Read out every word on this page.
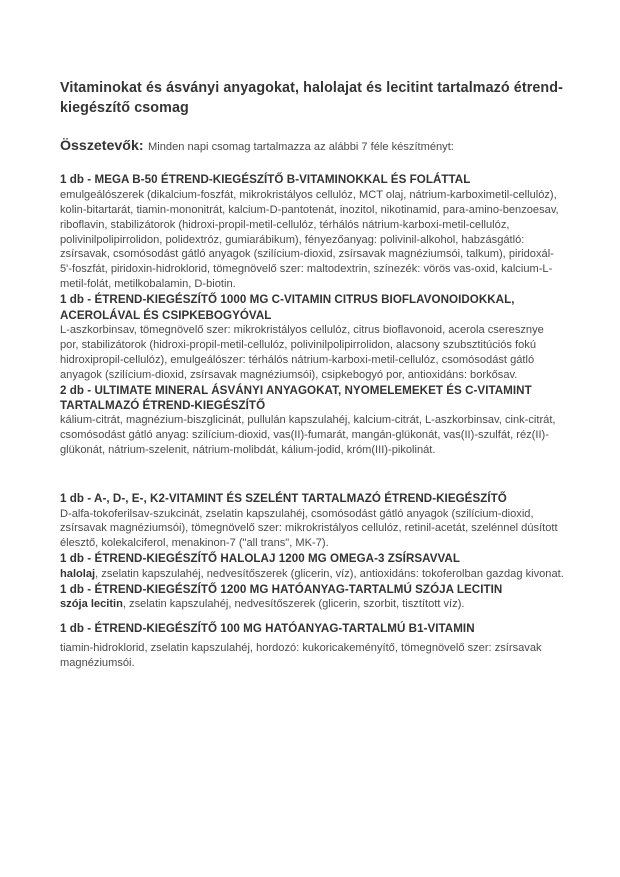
Vitaminokat és ásványi anyagokat, halolajat és lecitint tartalmazó étrend-kiegészítő csomag

Összetevők: Minden napi csomag tartalmazza az alábbi 7 féle készítményt:

1 db - MEGA B-50 ÉTREND-KIEGÉSZÍTŐ B-VITAMINOKKAL ÉS FOLÁTTAL
emulgeálószerek (dikalcium-foszfát, mikrokristályos cellulóz, MCT olaj, nátrium-karboximetil-cellulóz), kolin-bitartarát, tiamin-mononitrát, kalcium-D-pantotenát, inozitol, nikotinamid, para-amino-benzoesav, riboflavin, stabilizátorok (hidroxi-propil-metil-cellulóz, térhálós nátrium-karboxi-metil-cellulóz, polivinilpolipirrolidon, polidextróz, gumiarábikum), fényezőanyag: polivinil-alkohol, habzásgátló: zsírsavak, csomósodást gátló anyagok (szilícium-dioxid, zsírsavak magnéziumsói, talkum), piridoxál-5'-foszfát, piridoxin-hidroklorid, tömegnövelő szer: maltodextrin, színezék: vörös vas-oxid, kalcium-L-metil-folát, metilkobalamin, D-biotin.
1 db - ÉTREND-KIEGÉSZÍTŐ 1000 MG C-VITAMIN CITRUS BIOFLAVONOIDOKKAL, ACEROLÁVAL ÉS CSIPKEBOGYÓVAL
L-aszkorbinsav, tömegnövelő szer: mikrokristályos cellulóz, citrus bioflavonoid, acerola cseresznye por, stabilizátorok (hidroxi-propil-metil-cellulóz, polivinilpolipirrolidon, alacsony szubsztitúciós fokú hidroxipropil-cellulóz), emulgeálószer: térhálós nátrium-karboxi-metil-cellulóz, csomósodást gátló anyagok (szilícium-dioxid, zsírsavak magnéziumsói), csipkebogyó por, antioxidáns: borkősav.
2 db - ULTIMATE MINERAL ÁSVÁNYI ANYAGOKAT, NYOMELEMEKET ÉS C-VITAMINT TARTALMAZÓ ÉTREND-KIEGÉSZÍTŐ
kálium-citrát, magnézium-biszglicinát, pullulán kapszulahéj, kalcium-citrát, L-aszkorbinsav, cink-citrát, csomósodást gátló anyag: szilícium-dioxid, vas(II)-fumarát, mangán-glükonát, vas(II)-szulfát, réz(II)-glükonát, nátrium-szelenit, nátrium-molibdát, kálium-jodid, króm(III)-pikolinát.
1 db - A-, D-, E-, K2-VITAMINT ÉS SZELÉNT TARTALMAZÓ ÉTREND-KIEGÉSZÍTŐ
D-alfa-tokoferilsav-szukcinát, zselatin kapszulahéj, csomósodást gátló anyagok (szilícium-dioxid, zsírsavak magnéziumsói), tömegnövelő szer: mikrokristályos cellulóz, retinil-acetát, szelénnel dúsított élesztő, kolekalciferol, menakinon-7 ("all trans", MK-7).
1 db - ÉTREND-KIEGÉSZÍTŐ HALOLAJ 1200 MG OMEGA-3 ZSÍRSAVVAL
halolaj, zselatin kapszulahéj, nedvesítőszerek (glicerin, víz), antioxidáns: tokoferolban gazdag kivonat.
1 db - ÉTREND-KIEGÉSZÍTŐ 1200 MG HATÓANYAG-TARTALMÚ SZÓJA LECITIN
szója lecitin, zselatin kapszulahéj, nedvesítőszerek (glicerin, szorbit, tisztított víz).
1 db - ÉTREND-KIEGÉSZÍTŐ 100 MG HATÓANYAG-TARTALMÚ B1-VITAMIN
tiamin-hidroklorid, zselatin kapszulahéj, hordozó: kukoricakeményítő, tömegnövelő szer: zsírsavak magnéziumsói.
